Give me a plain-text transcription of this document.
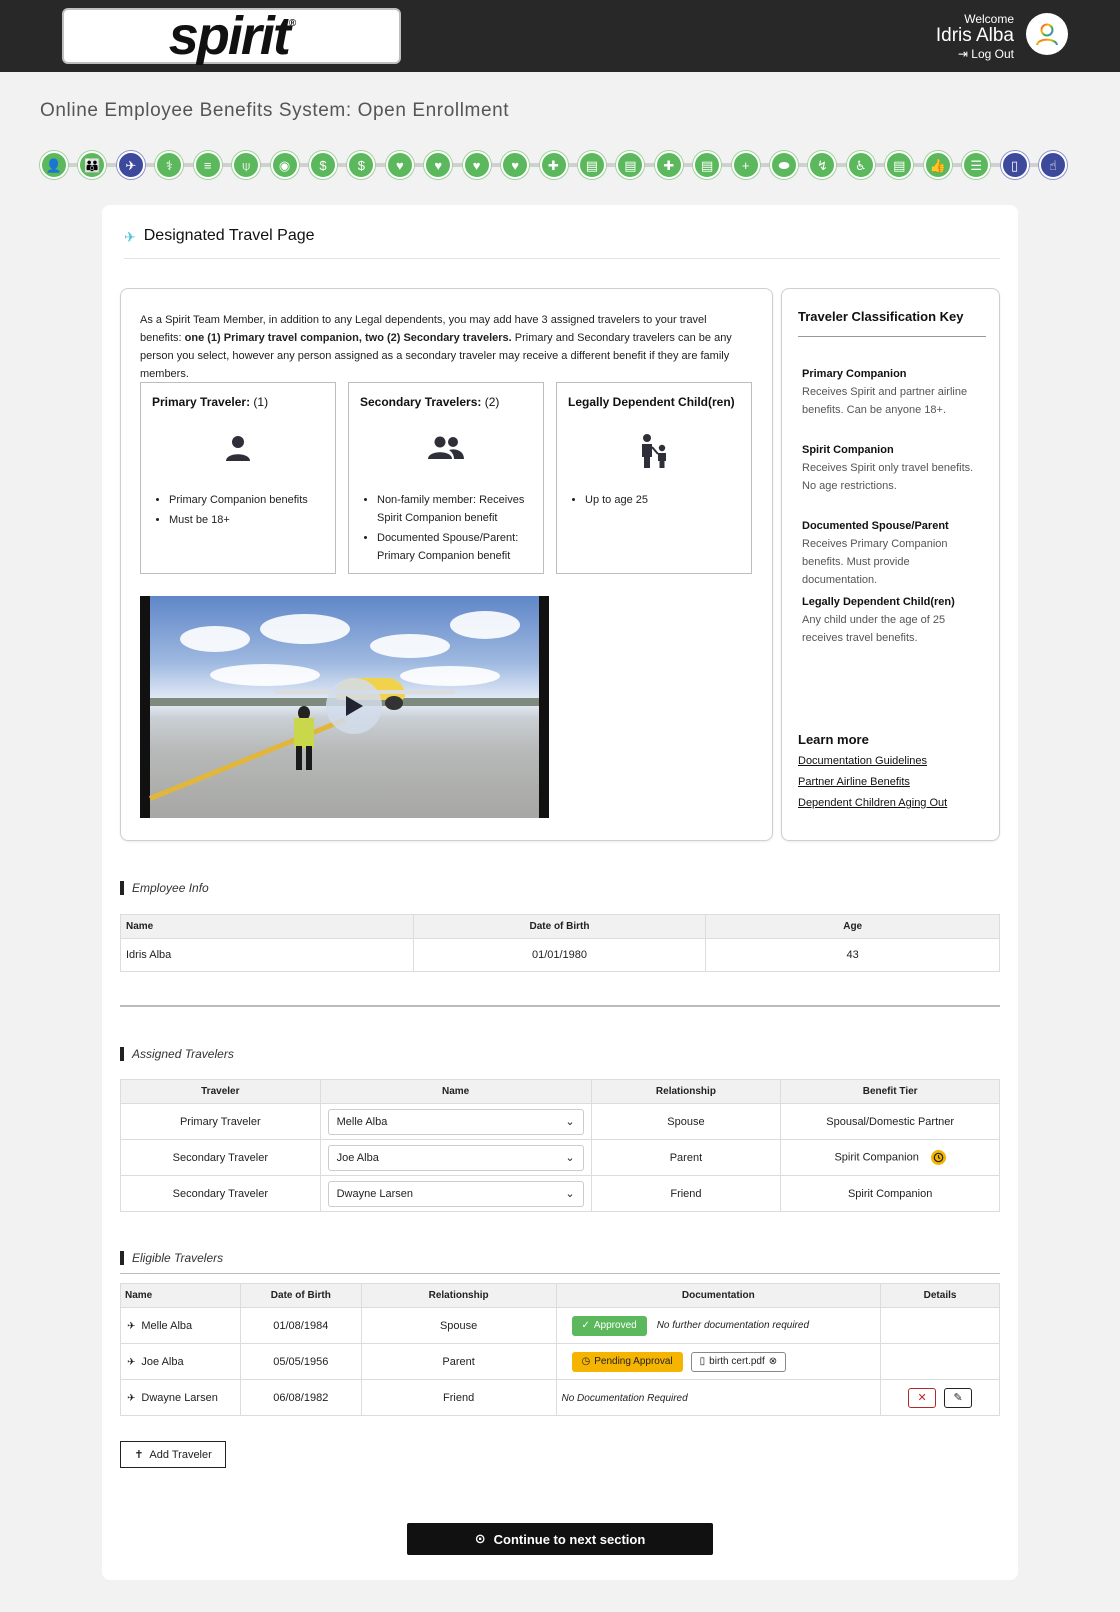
spirit®	Welcome
Idris Alba
⇥ Log Out
Online Employee Benefits System: Open Enrollment
👤	👪	✈	⚕	≡	⍦	◉	$	$	♥	♥	♥	♥	✚	▤	▤	✚	▤	+	⬬	↯	♿	▤	👍	☰	▯	☝
✈ Designated Travel Page

As a Spirit Team Member, in addition to any Legal dependents, you may add have 3 assigned travelers to your travel benefits: one (1) Primary travel companion, two (2) Secondary travelers. Primary and Secondary travelers can be any person you select, however any person assigned as a secondary traveler may receive a different benefit if they are family members.

Primary Traveler: (1)
• Primary Companion benefits
• Must be 18+
Secondary Travelers: (2)
• Non-family member: Receives Spirit Companion benefit
• Documented Spouse/Parent: Primary Companion benefit
Legally Dependent Child(ren)
• Up to age 25
Traveler Classification Key
Primary Companion
Receives Spirit and partner airline benefits. Can be anyone 18+.
Spirit Companion
Receives Spirit only travel benefits. No age restrictions.
Documented Spouse/Parent
Receives Primary Companion benefits. Must provide documentation.
Legally Dependent Child(ren)
Any child under the age of 25 receives travel benefits.
Learn more
Documentation Guidelines
Partner Airline Benefits
Dependent Children Aging Out
Employee Info
Name	Date of Birth	Age
Idris Alba	01/01/1980	43
Assigned Travelers
Traveler	Name	Relationship	Benefit Tier
Primary Traveler	Melle Alba ⌄	Spouse	Spousal/Domestic Partner
Secondary Traveler	Joe Alba ⌄	Parent	Spirit Companion
Secondary Traveler	Dwayne Larsen ⌄	Friend	Spirit Companion
Eligible Travelers
Name	Date of Birth	Relationship	Documentation	Details
✈ Melle Alba	01/08/1984	Spouse	✓ Approved No further documentation required	
✈ Joe Alba	05/05/1956	Parent	◷ Pending Approval ▯ birth cert.pdf ⊗	

✈ Dwayne Larsen	06/08/1982	Friend	No Documentation Required	✕ ✎
✝ Add Traveler
⊙ Continue to next section
